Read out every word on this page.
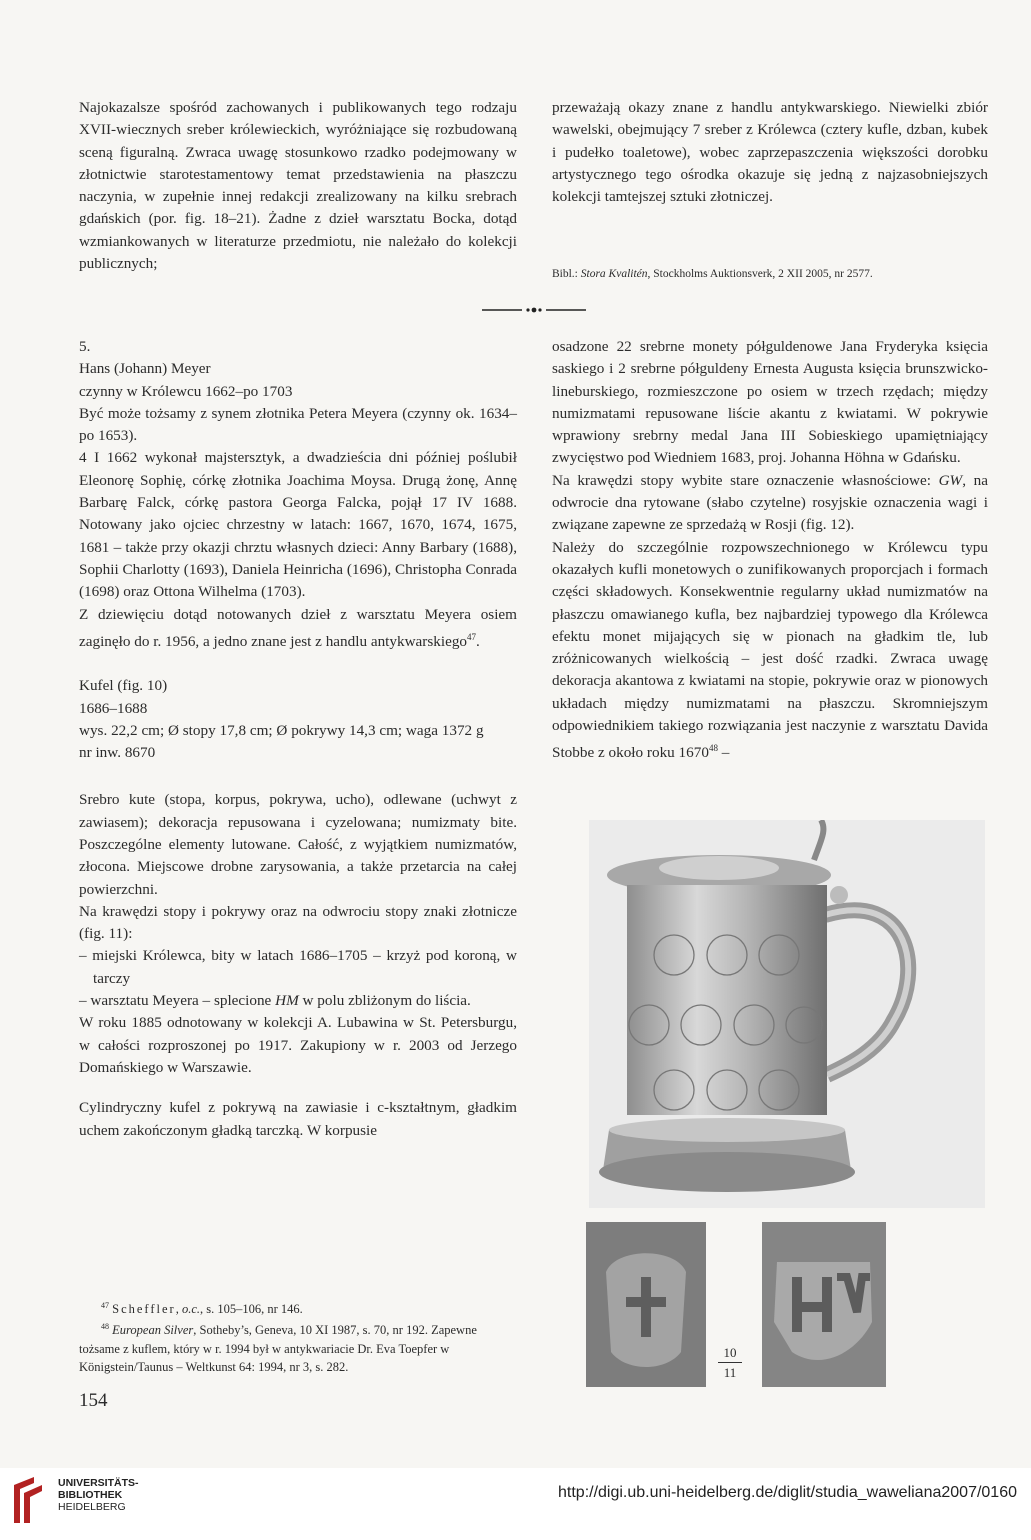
Najokazalsze spośród zachowanych i publikowanych tego rodzaju XVII-wiecznych sreber królewieckich, wyróżniające się rozbudowaną sceną figuralną. Zwraca uwagę stosunkowo rzadko podejmowany w złotnictwie starotestamentowy temat przedstawienia na płaszczu naczynia, w zupełnie innej redakcji zrealizowany na kilku srebrach gdańskich (por. fig. 18–21). Żadne z dzieł warsztatu Bocka, dotąd wzmiankowanych w literaturze przedmiotu, nie należało do kolekcji publicznych;

przeważają okazy znane z handlu antykwarskiego. Niewielki zbiór wawelski, obejmujący 7 sreber z Królewca (cztery kufle, dzban, kubek i pudełko toaletowe), wobec zaprzepaszczenia większości dorobku artystycznego tego ośrodka okazuje się jedną z najzasobniejszych kolekcji tamtejszej sztuki złotniczej.

Bibl.: Stora Kvalitén, Stockholms Auktionsverk, 2 XII 2005, nr 2577.

5.

Hans (Johann) Meyer

czynny w Królewcu 1662–po 1703

Być może tożsamy z synem złotnika Petera Meyera (czynny ok. 1634–po 1653).

4 I 1662 wykonał majstersztyk, a dwadzieścia dni później poślubił Eleonorę Sophię, córkę złotnika Joachima Moysa. Drugą żonę, Annę Barbarę Falck, córkę pastora Georga Falcka, pojął 17 IV 1688. Notowany jako ojciec chrzestny w latach: 1667, 1670, 1674, 1675, 1681 – także przy okazji chrztu własnych dzieci: Anny Barbary (1688), Sophii Charlotty (1693), Daniela Heinricha (1696), Christopha Conrada (1698) oraz Ottona Wilhelma (1703).

Z dziewięciu dotąd notowanych dzieł z warsztatu Meyera osiem zaginęło do r. 1956, a jedno znane jest z handlu antykwarskiego$^{47}$.

Kufel (fig. 10)

1686–1688

wys. 22,2 cm; Ø stopy 17,8 cm; Ø pokrywy 14,3 cm; waga 1372 g

nr inw. 8670

Srebro kute (stopa, korpus, pokrywa, ucho), odlewane (uchwyt z zawiasem); dekoracja repusowana i cyzelowana; numizmaty bite. Poszczególne elementy lutowane. Całość, z wyjątkiem numizmatów, złocona. Miejscowe drobne zarysowania, a także przetarcia na całej powierzchni.

Na krawędzi stopy i pokrywy oraz na odwrociu stopy znaki złotnicze (fig. 11):

– miejski Królewca, bity w latach 1686–1705 – krzyż pod koroną, w tarczy

– warsztatu Meyera – splecione HM w polu zbliżonym do liścia.

W roku 1885 odnotowany w kolekcji A. Lubawina w St. Petersburgu, w całości rozproszonej po 1917. Zakupiony w r. 2003 od Jerzego Domańskiego w Warszawie.

Cylindryczny kufel z pokrywą na zawiasie i c-kształtnym, gładkim uchem zakończonym gładką tarczką. W korpusie

osadzone 22 srebrne monety półguldenowe Jana Fryderyka księcia saskiego i 2 srebrne półguldeny Ernesta Augusta księcia brunszwicko-lineburskiego, rozmieszczone po osiem w trzech rzędach; między numizmatami repusowane liście akantu z kwiatami. W pokrywie wprawiony srebrny medal Jana III Sobieskiego upamiętniający zwycięstwo pod Wiedniem 1683, proj. Johanna Höhna w Gdańsku.

Na krawędzi stopy wybite stare oznaczenie własnościowe: GW, na odwrocie dna rytowane (słabo czytelne) rosyjskie oznaczenia wagi i związane zapewne ze sprzedażą w Rosji (fig. 12).

Należy do szczególnie rozpowszechnionego w Królewcu typu okazałych kufli monetowych o zunifikowanych proporcjach i formach części składowych. Konsekwentnie regularny układ numizmatów na płaszczu omawianego kufla, bez najbardziej typowego dla Królewca efektu monet mijających się w pionach na gładkim tle, lub zróżnicowanych wielkością – jest dość rzadki. Zwraca uwagę dekoracja akantowa z kwiatami na stopie, pokrywie oraz w pionowych układach między numizmatami na płaszczu. Skromniejszym odpowiednikiem takiego rozwiązania jest naczynie z warsztatu Davida Stobbe z około roku 1670$^{48}$ –

10
11

$^{47}$ Scheffler, o.c., s. 105–106, nr 146.

$^{48}$ European Silver, Sotheby’s, Geneva, 10 XI 1987, s. 70, nr 192. Zapewne tożsame z kuflem, który w r. 1994 był w antykwariacie Dr. Eva Toepfer w Königstein/Taunus – Weltkunst 64: 1994, nr 3, s. 282.

154
UNIVERSITÄTS-
BIBLIOTHEK
HEIDELBERG
http://digi.ub.uni-heidelberg.de/diglit/studia_waweliana2007/0160
